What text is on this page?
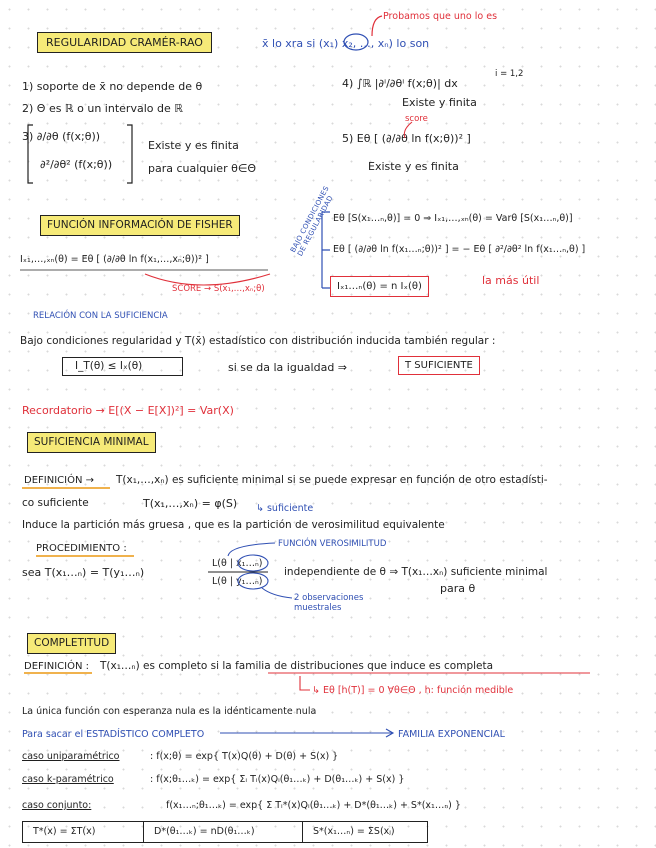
REGULARIDAD CRAMÉR-RAO	x̄ lo xra si (x₁) x₂, …, xₙ) lo son
Probamos que uno lo es
1) soporte de x̄ no depende de θ
2) Θ es ℝ o un intervalo de ℝ
3) ∂/∂θ (f(x;θ))
∂²/∂θ² (f(x;θ))
Existe y es finita
para cualquier θ∈Θ
4) ∫ℝ |∂ⁱ/∂θⁱ f(x;θ)| dx
i = 1,2
Existe y finita
score
5) Eθ [ (∂/∂θ ln f(x;θ))² ]
Existe y es finita
FUNCIÓN INFORMACIÓN DE FISHER
Iₓ₁,…,ₓₙ(θ) = Eθ [ (∂/∂θ ln f(x₁,…,xₙ;θ))² ]
SCORE → S(x₁,…,xₙ;θ)
BAJO CONDICIONES DE REGULARIDAD
Eθ [S(x₁…ₙ,θ)] = 0 ⇒ Iₓ₁,…,ₓₙ(θ) = Varθ [S(x₁…ₙ,θ)]
Eθ [ (∂/∂θ ln f(x₁…ₙ;θ))² ] = − Eθ [ ∂²/∂θ² ln f(x₁…ₙ,θ) ]
Iₓ₁…ₙ(θ) = n Iₓ(θ)	la más útil
RELACIÓN CON LA SUFICIENCIA
Bajo condiciones regularidad y T(x̄) estadístico con distribución inducida también regular :
I_T(θ) ≤ Iₓ(θ)	si se da la igualdad ⇒	T SUFICIENTE
Recordatorio → E[(X − E[X])²] = Var(X)
SUFICIENCIA MINIMAL
DEFINICIÓN → T(x₁,…,xₙ) es suficiente minimal si se puede expresar en función de otro estadísti-
co suficiente	T(x₁,…,xₙ) = φ(S) ↳ suficiente
Induce la partición más gruesa , que es la partición de verosimilitud equivalente
PROCEDIMIENTO :	FUNCIÓN VEROSIMILITUD
sea T(x₁…ₙ) = T(y₁…ₙ)
L(θ | x₁…ₙ)
L(θ | y₁…ₙ)
independiente de θ ⇒ T(x₁…xₙ) suficiente minimal
para θ
2 observaciones muestrales
COMPLETITUD
DEFINICIÓN : T(x₁…ₙ) es completo si la familia de distribuciones que induce es completa
↳ Eθ [h(T)] = 0 ∀θ∈Θ , h: función medible
La única función con esperanza nula es la idénticamente nula
Para sacar el ESTADÍSTICO COMPLETO	FAMILIA EXPONENCIAL
caso uniparamétrico	: f(x;θ) = exp{ T(x)Q(θ) + D(θ) + S(x) }
caso k-paramétrico	: f(x;θ₁…ₖ) = exp{ Σᵢ Tᵢ(x)Qᵢ(θ₁…ₖ) + D(θ₁…ₖ) + S(x) }
caso conjunto:	f(x₁…ₙ;θ₁…ₖ) = exp{ Σ Tᵢ*(x)Qᵢ(θ₁…ₖ) + D*(θ₁…ₖ) + S*(x₁…ₙ) }
T*(x) = ΣT(x)	D*(θ₁…ₖ) = nD(θ₁…ₖ)	S*(x₁…ₙ) = ΣS(xⱼ)
